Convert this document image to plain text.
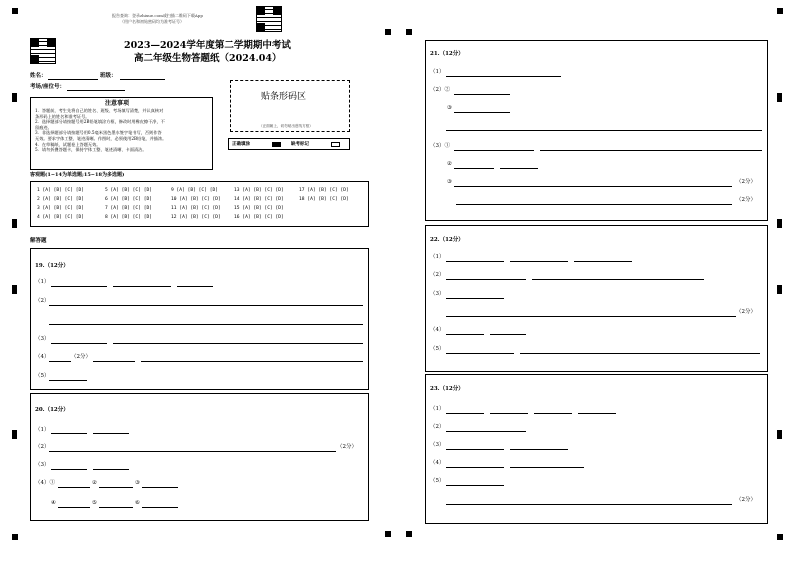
报告查询：登录zhixue.com或扫描二维码下载App
（用户名和初始密码均为准考证号）
2023—2024学年度第二学期期中考试
高二年级生物答题纸（2024.04）
姓名：	班级：
考场/座位号：
注意事项
1．答题前，考生先将自己的姓名、班级、考场填写清楚，并认真核对
条形码上的姓名和准考证号。
2．选择题部分请按题号用2B铅笔填涂方框，修改时用橡皮擦干净，不
留痕迹。
3．非选择题部分请按题号用0.5毫米黑色墨水签字笔书写，否则作答
无效。要求字体工整、笔迹清晰。作图时，必须使用2B铅笔，并描浓。
4．在草稿纸、试题卷上答题无效。
5．请勿折叠答题卡，保持字体工整、笔迹清晰、卡面清洁。
贴条形码区
（正面朝上，切勿贴出虚线方框）
正确填涂	缺考标记
客观题(1~14为单选题;15~18为多选题)
1 [A] [B] [C] [D]
2 [A] [B] [C] [D]
3 [A] [B] [C] [D]
4 [A] [B] [C] [D]
5 [A] [B] [C] [D]
6 [A] [B] [C] [D]
7 [A] [B] [C] [D]
8 [A] [B] [C] [D]
9 [A] [B] [C] [D]
10 [A] [B] [C] [D]
11 [A] [B] [C] [D]
12 [A] [B] [C] [D]
13 [A] [B] [C] [D]
14 [A] [B] [C] [D]
15 [A] [B] [C] [D]
16 [A] [B] [C] [D]
17 [A] [B] [C] [D]
18 [A] [B] [C] [D]
解答题
19.（12分）
（1）
（2）
（3）
（4）	（2分）
（5）
20.（12分）
（1）
（2）	（2分）
（3）
（4）①	②	③
④	⑤	⑥
21.（12分）
（1）
（2）②
③
（3）①
②
③	（2分）
（2分）
22.（12分）
（1）
（2）
（3）
（2分）
（4）
（5）
23.（12分）
（1）
（2）
（3）
（4）
（5）
（2分）
